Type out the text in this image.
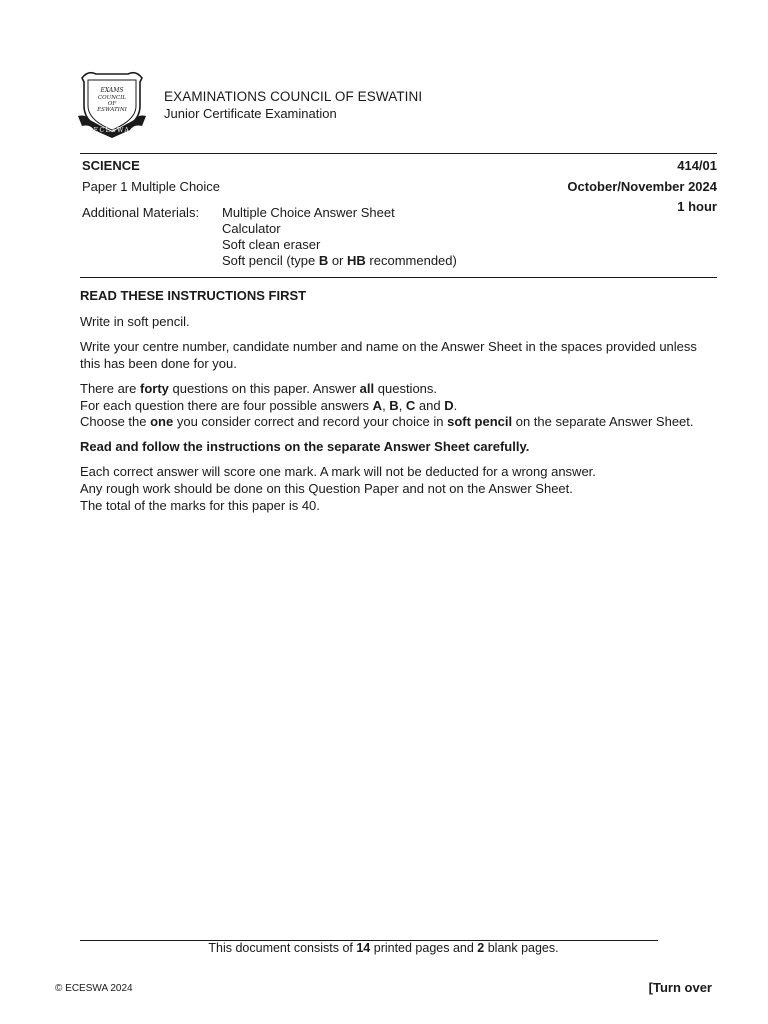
EXAMS
COUNCIL
OF
ESWATINI
ECESWA
EXAMINATIONS COUNCIL OF ESWATINI
Junior Certificate Examination
SCIENCE
Paper 1 Multiple Choice
414/01
October/November 2024
1 hour
Additional Materials: Multiple Choice Answer Sheet
Calculator
Soft clean eraser
Soft pencil (type B or HB recommended)

READ THESE INSTRUCTIONS FIRST

Write in soft pencil.

Write your centre number, candidate number and name on the Answer Sheet in the spaces provided unless this has been done for you.

There are forty questions on this paper. Answer all questions.

For each question there are four possible answers A, B, C and D.

Choose the one you consider correct and record your choice in soft pencil on the separate Answer Sheet.

Read and follow the instructions on the separate Answer Sheet carefully.

Each correct answer will score one mark. A mark will not be deducted for a wrong answer.

Any rough work should be done on this Question Paper and not on the Answer Sheet.

The total of the marks for this paper is 40.

This document consists of 14 printed pages and 2 blank pages.
© ECESWA 2024	[Turn over
